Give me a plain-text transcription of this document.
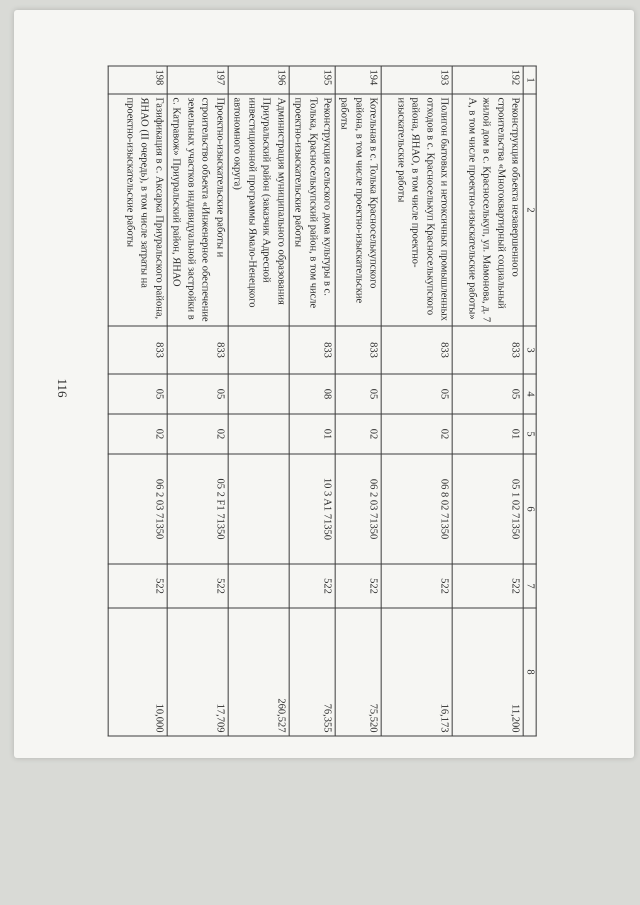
116
1	2	3	4	5	6	7	8
192	Реконструкция объекта незавершенного строительства «Многоквартирный социальный жилой дом в с. Красноселькуп, ул. Мамонова, д. 7 А, в том числе проектно-изыскательские работы»	833	05	01	05 1 02 71350	522	11,200
193	Полигон бытовых и нетоксичных промышленных отходов в с. Красноселькуп Красноселькупского района, ЯНАО, в том числе проектно-изыскательские работы	833	05	02	06 8 02 71350	522	16,173
194	Котельная в с. Толька Красноселькупского района, в том числе проектно-изыскательские работы	833	05	02	06 2 03 71350	522	75,520
195	Реконструкция сельского дома культуры в с. Толька, Красноселькупский район, в том числе проектно-изыскательские работы	833	08	01	10 3 A1 71350	522	76,355
196	Администрация муниципального образования Приуральский район (заказчик Адресной инвестиционной программы Ямало-Ненецкого автономного округа)						260,527
197	Проектно-изыскательские работы и строительство объекта «Инженерное обеспечение земельных участков индивидуальной застройки в с. Катравож» Приуральский район, ЯНАО	833	05	02	05 2 F1 71350	522	17,709
198	Газификация в с. Аксарка Приуральского района, ЯНАО (II очередь), в том числе затраты на проектно-изыскательские работы	833	05	02	06 2 03 71350	522	10,000
